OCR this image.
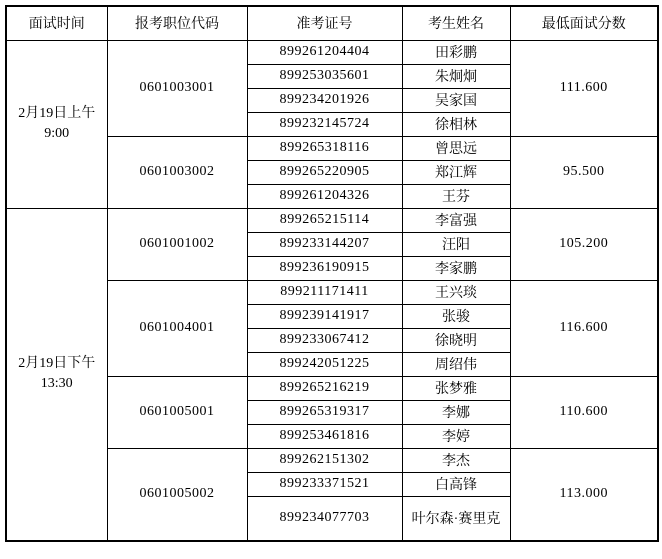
面试时间	报考职位代码	准考证号	考生姓名	最低面试分数

2月19日上午
9:00	0601003001	899261204404	田彩鹏	111.600
		899253035601	朱炯炯	
		899234201926	吴家国	
		899232145724	徐相林	
	0601003002	899265318116	曾思远	95.500
		899265220905	郑江辉	
		899261204326	王芬	

2月19日下午
13:30	0601001002	899265215114	李富强	105.200
		899233144207	汪阳	
		899236190915	李家鹏	
	0601004001	899211171411	王兴琰	116.600
		899239141917	张骏	
		899233067412	徐晓明	
		899242051225	周绍伟	
	0601005001	899265216219	张梦雅	110.600
		899265319317	李娜	
		899253461816	李婷	
	0601005002	899262151302	李杰	113.000
		899233371521	白高锋	
		899234077703	叶尔森·赛里克	
